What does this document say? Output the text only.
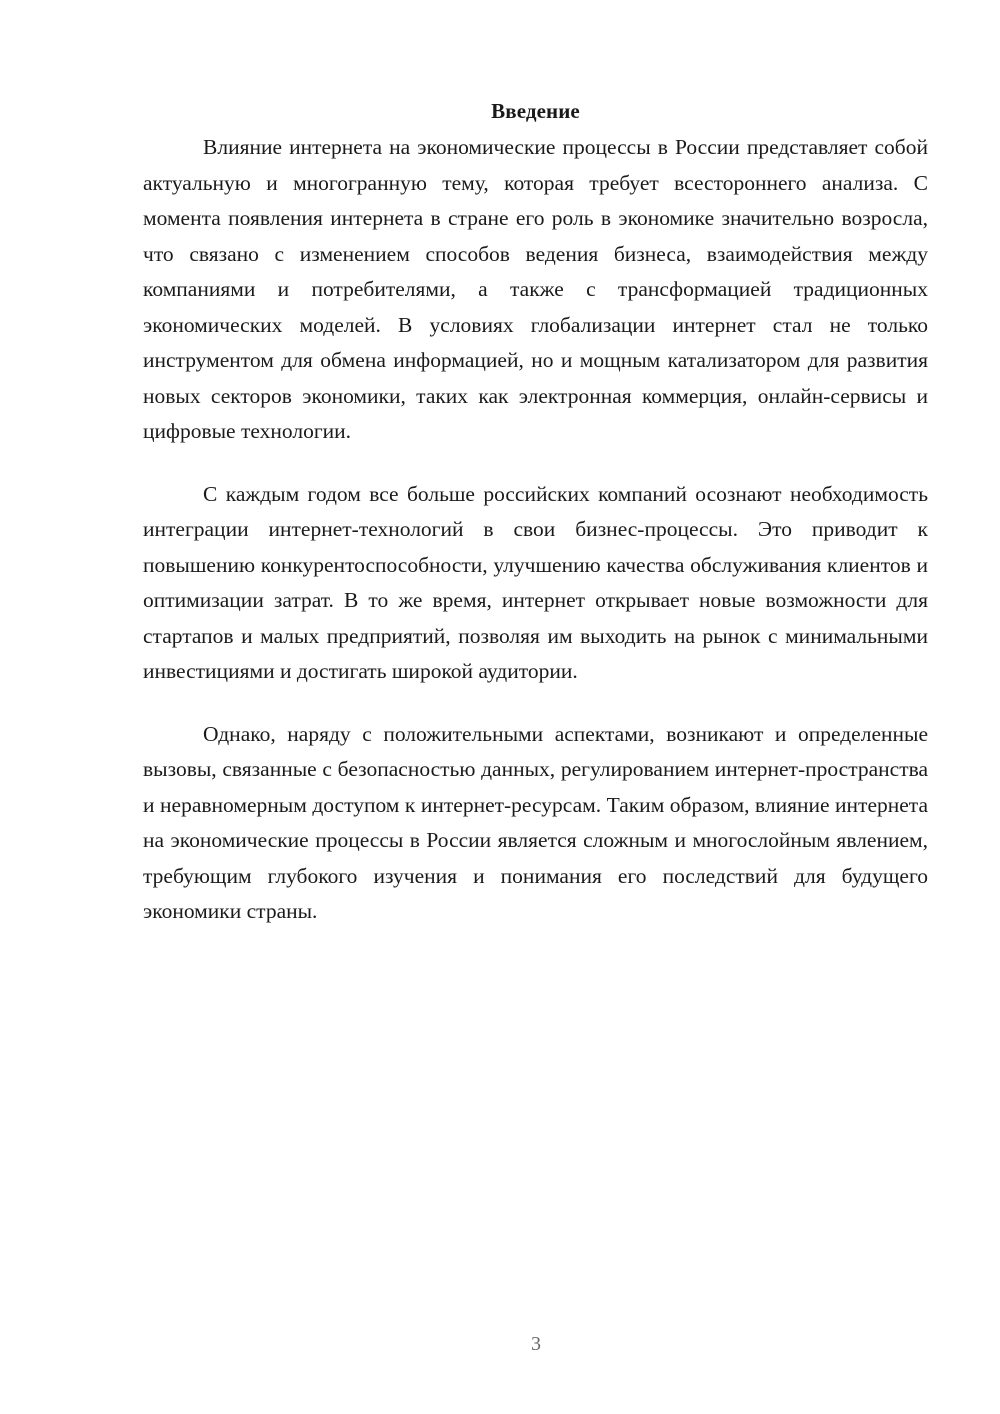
Введение

Влияние интернета на экономические процессы в России представляет собой актуальную и многогранную тему, которая требует всестороннего анализа. С момента появления интернета в стране его роль в экономике значительно возросла, что связано с изменением способов ведения бизнеса, взаимодействия между компаниями и потребителями, а также с трансформацией традиционных экономических моделей. В условиях глобализации интернет стал не только инструментом для обмена информацией, но и мощным катализатором для развития новых секторов экономики, таких как электронная коммерция, онлайн-сервисы и цифровые технологии.

С каждым годом все больше российских компаний осознают необходимость интеграции интернет-технологий в свои бизнес-процессы. Это приводит к повышению конкурентоспособности, улучшению качества обслуживания клиентов и оптимизации затрат. В то же время, интернет открывает новые возможности для стартапов и малых предприятий, позволяя им выходить на рынок с минимальными инвестициями и достигать широкой аудитории.

Однако, наряду с положительными аспектами, возникают и определенные вызовы, связанные с безопасностью данных, регулированием интернет-пространства и неравномерным доступом к интернет-ресурсам. Таким образом, влияние интернета на экономические процессы в России является сложным и многослойным явлением, требующим глубокого изучения и понимания его последствий для будущего экономики страны.

3
